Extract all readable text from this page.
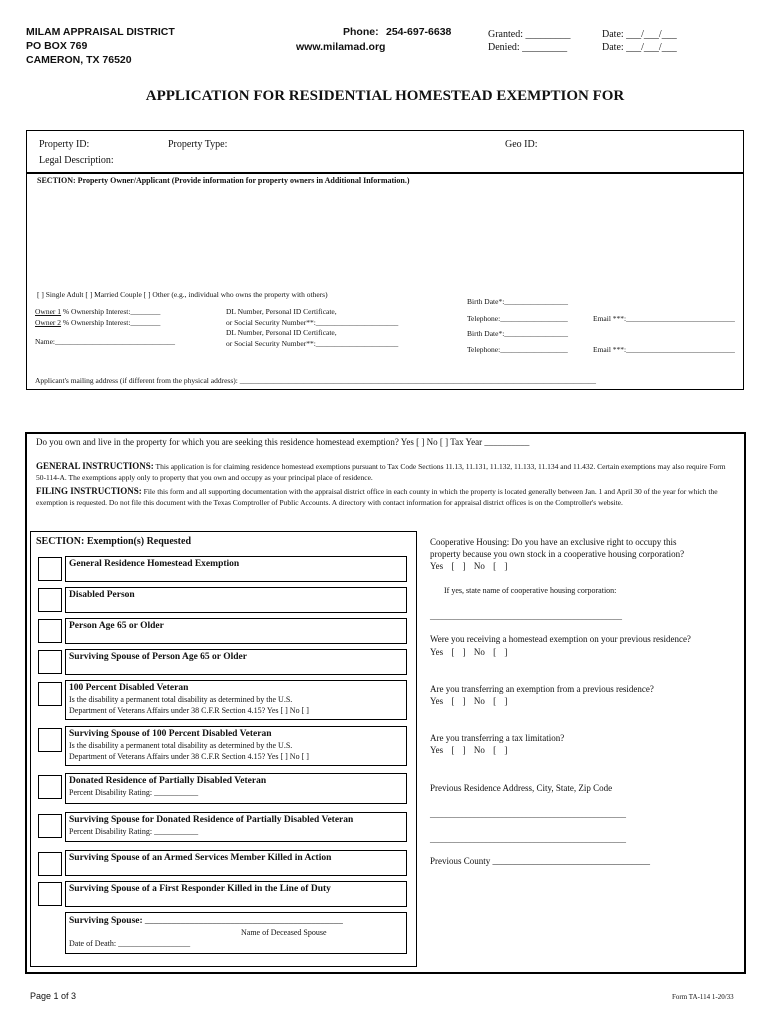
MILAM APPRAISAL DISTRICT
PO BOX 769
CAMERON, TX 76520
Phone: 254-697-6638
www.milamad.org
Granted: _________
Denied: _________
Date: ___/___/___
Date: ___/___/___
APPLICATION FOR RESIDENTIAL HOMESTEAD EXEMPTION FOR
Property ID:	Property Type:	Geo ID:
Legal Description:
SECTION: Property Owner/Applicant (Provide information for property owners in Additional Information.)
[ ] Single Adult [ ] Married Couple [ ] Other (e.g., individual who owns the property with others)
Owner 1 % Ownership Interest:________
Owner 2 % Ownership Interest:________
Name:________________________________
DL Number, Personal ID Certificate,
or Social Security Number**:______________________
DL Number, Personal ID Certificate,
or Social Security Number**:______________________
Birth Date*:_________________
Telephone:__________________	Email ***:_____________________________
Birth Date*:_________________
Telephone:__________________	Email ***:_____________________________
Applicant's mailing address (if different from the physical address): _______________________________________________________________________________________________
Do you own and live in the property for which you are seeking this residence homestead exemption? Yes [ ] No [ ] Tax Year __________
GENERAL INSTRUCTIONS: This application is for claiming residence homestead exemptions pursuant to Tax Code Sections 11.13, 11.131, 11.132, 11.133, 11.134 and 11.432. Certain exemptions may also require Form 50-114-A. The exemptions apply only to property that you own and occupy as your principal place of residence.
FILING INSTRUCTIONS: File this form and all supporting documentation with the appraisal district office in each county in which the property is located generally between Jan. 1 and April 30 of the year for which the exemption is requested. Do not file this document with the Texas Comptroller of Public Accounts. A directory with contact information for appraisal district offices is on the Comptroller's website.
SECTION: Exemption(s) Requested
General Residence Homestead Exemption
Disabled Person
Person Age 65 or Older
Surviving Spouse of Person Age 65 or Older
100 Percent Disabled Veteran
Is the disability a permanent total disability as determined by the U.S.
Department of Veterans Affairs under 38 C.F.R Section 4.15? Yes [ ] No [ ]
Surviving Spouse of 100 Percent Disabled Veteran
Is the disability a permanent total disability as determined by the U.S.
Department of Veterans Affairs under 38 C.F.R Section 4.15? Yes [ ] No [ ]
Donated Residence of Partially Disabled Veteran
Percent Disability Rating: ___________
Surviving Spouse for Donated Residence of Partially Disabled Veteran
Percent Disability Rating: ___________
Surviving Spouse of an Armed Services Member Killed in Action
Surviving Spouse of a First Responder Killed in the Line of Duty
Surviving Spouse: ____________________________________________
Name of Deceased Spouse
Date of Death: __________________
Cooperative Housing: Do you have an exclusive right to occupy this
property because you own stock in a cooperative housing corporation?
Yes [ ] No [ ]
If yes, state name of cooperative housing corporation:
________________________________________________
Were you receiving a homestead exemption on your previous residence?
Yes [ ] No [ ]
Are you transferring an exemption from a previous residence?
Yes [ ] No [ ]
Are you transferring a tax limitation?
Yes [ ] No [ ]
Previous Residence Address, City, State, Zip Code
_________________________________________________
_________________________________________________
Previous County ___________________________________
Page 1 of 3	Form TA-114 1-20/33
